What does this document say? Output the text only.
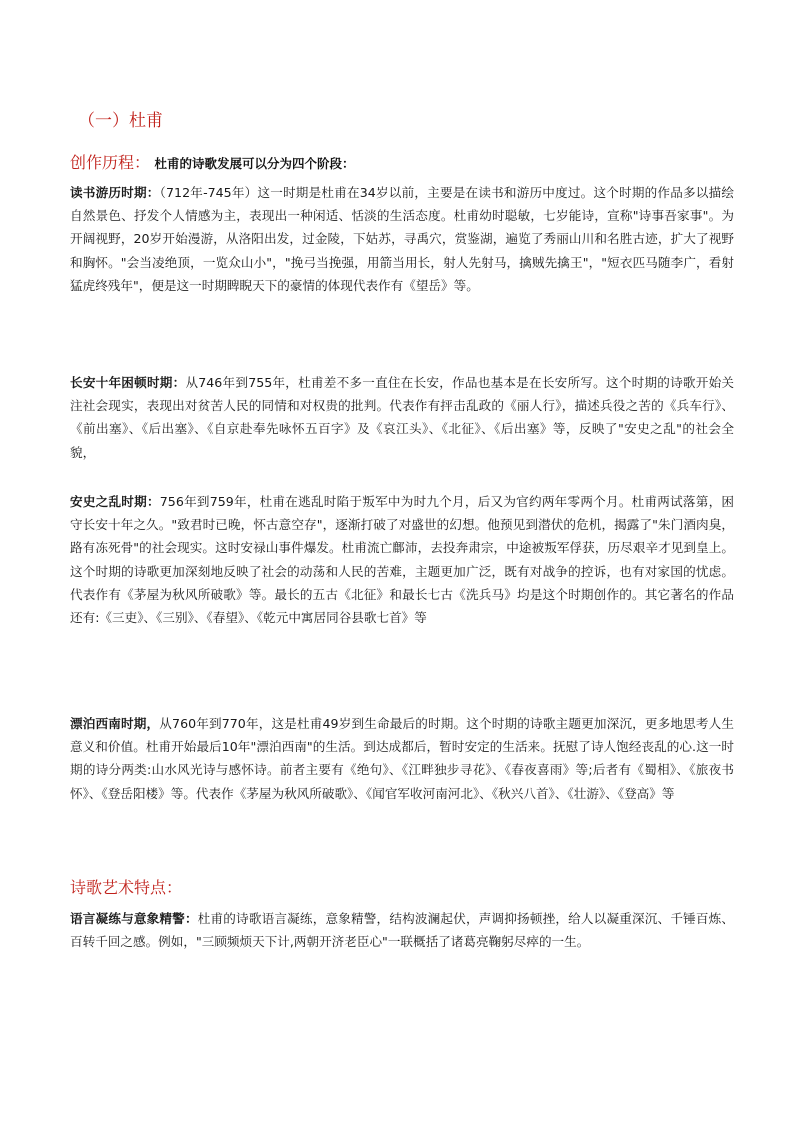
（一）杜甫
创作历程： 杜甫的诗歌发展可以分为四个阶段：
读书游历时期：（712年-745年）这一时期是杜甫在34岁以前，主要是在读书和游历中度过。这个时期的作品多以描绘自然景色、抒发个人情感为主，表现出一种闲适、恬淡的生活态度。杜甫幼时聪敏，七岁能诗，宣称"诗事吾家事"。为开阔视野，20岁开始漫游，从洛阳出发，过金陵，下姑苏，寻禹穴，赏鉴湖，遍览了秀丽山川和名胜古迹，扩大了视野和胸怀。"会当凌绝顶，一览众山小"，"挽弓当挽强，用箭当用长，射人先射马，擒贼先擒王"，"短衣匹马随李广，看射猛虎终残年"，便是这一时期睥睨天下的豪情的体现代表作有《望岳》等。
长安十年困顿时期：从746年到755年，杜甫差不多一直住在长安，作品也基本是在长安所写。这个时期的诗歌开始关注社会现实，表现出对贫苦人民的同情和对权贵的批判。代表作有抨击乱政的《丽人行》，描述兵役之苦的《兵车行》、《前出塞》、《后出塞》、《自京赴奉先咏怀五百字》及《哀江头》、《北征》、《后出塞》等，反映了"安史之乱"的社会全貌，
安史之乱时期：756年到759年，杜甫在逃乱时陷于叛军中为时九个月，后又为官约两年零两个月。杜甫两试落第，困守长安十年之久。"致君时已晚，怀古意空存"，逐渐打破了对盛世的幻想。他预见到潜伏的危机，揭露了"朱门酒肉臭，路有冻死骨"的社会现实。这时安禄山事件爆发。杜甫流亡鄜沛，去投奔肃宗，中途被叛军俘获，历尽艰辛才见到皇上。这个时期的诗歌更加深刻地反映了社会的动荡和人民的苦难，主题更加广泛，既有对战争的控诉，也有对家国的忧虑。代表作有《茅屋为秋风所破歌》等。最长的五古《北征》和最长七古《洗兵马》均是这个时期创作的。其它著名的作品还有:《三吏》、《三别》、《春望》、《乾元中寓居同谷县歌七首》等
漂泊西南时期，从760年到770年，这是杜甫49岁到生命最后的时期。这个时期的诗歌主题更加深沉，更多地思考人生意义和价值。杜甫开始最后10年"漂泊西南"的生活。到达成都后，暂时安定的生活来。抚慰了诗人饱经丧乱的心.这一时期的诗分两类:山水风光诗与感怀诗。前者主要有《绝句》、《江畔独步寻花》、《春夜喜雨》等;后者有《蜀相》、《旅夜书怀》、《登岳阳楼》等。代表作《茅屋为秋风所破歌》、《闻官军收河南河北》、《秋兴八首》、《壮游》、《登高》等
诗歌艺术特点：
语言凝练与意象精警：杜甫的诗歌语言凝练，意象精警，结构波澜起伏，声调抑扬顿挫，给人以凝重深沉、千锤百炼、百转千回之感。例如，"三顾频烦天下计,两朝开济老臣心"一联概括了诸葛亮鞠躬尽瘁的一生。
